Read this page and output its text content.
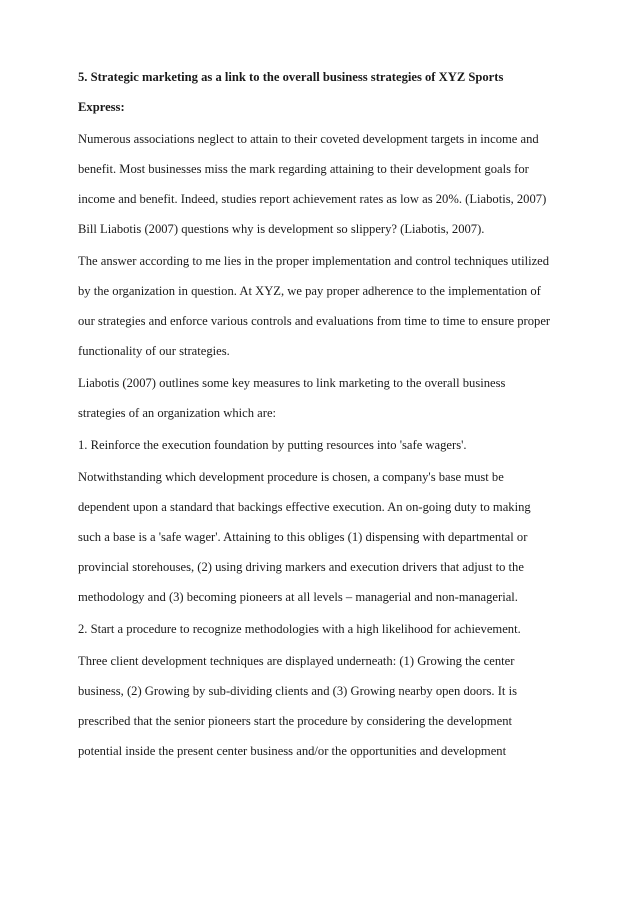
5. Strategic marketing as a link to the overall business strategies of XYZ Sports
Express:
Numerous associations neglect to attain to their coveted development targets in income and
benefit. Most businesses miss the mark regarding attaining to their development goals for
income and benefit. Indeed, studies report achievement rates as low as 20%. (Liabotis, 2007)
Bill Liabotis (2007) questions why is development so slippery? (Liabotis, 2007).
The answer according to me lies in the proper implementation and control techniques utilized
by the organization in question. At XYZ, we pay proper adherence to the implementation of
our strategies and enforce various controls and evaluations from time to time to ensure proper
functionality of our strategies.
Liabotis (2007) outlines some key measures to link marketing to the overall business
strategies of an organization which are:
1. Reinforce the execution foundation by putting resources into 'safe wagers'.
Notwithstanding which development procedure is chosen, a company's base must be
dependent upon a standard that backings effective execution. An on-going duty to making
such a base is a 'safe wager'. Attaining to this obliges (1) dispensing with departmental or
provincial storehouses, (2) using driving markers and execution drivers that adjust to the
methodology and (3) becoming pioneers at all levels – managerial and non-managerial.
2. Start a procedure to recognize methodologies with a high likelihood for achievement.
Three client development techniques are displayed underneath: (1) Growing the center
business, (2) Growing by sub-dividing clients and (3) Growing nearby open doors. It is
prescribed that the senior pioneers start the procedure by considering the development
potential inside the present center business and/or the opportunities and development
